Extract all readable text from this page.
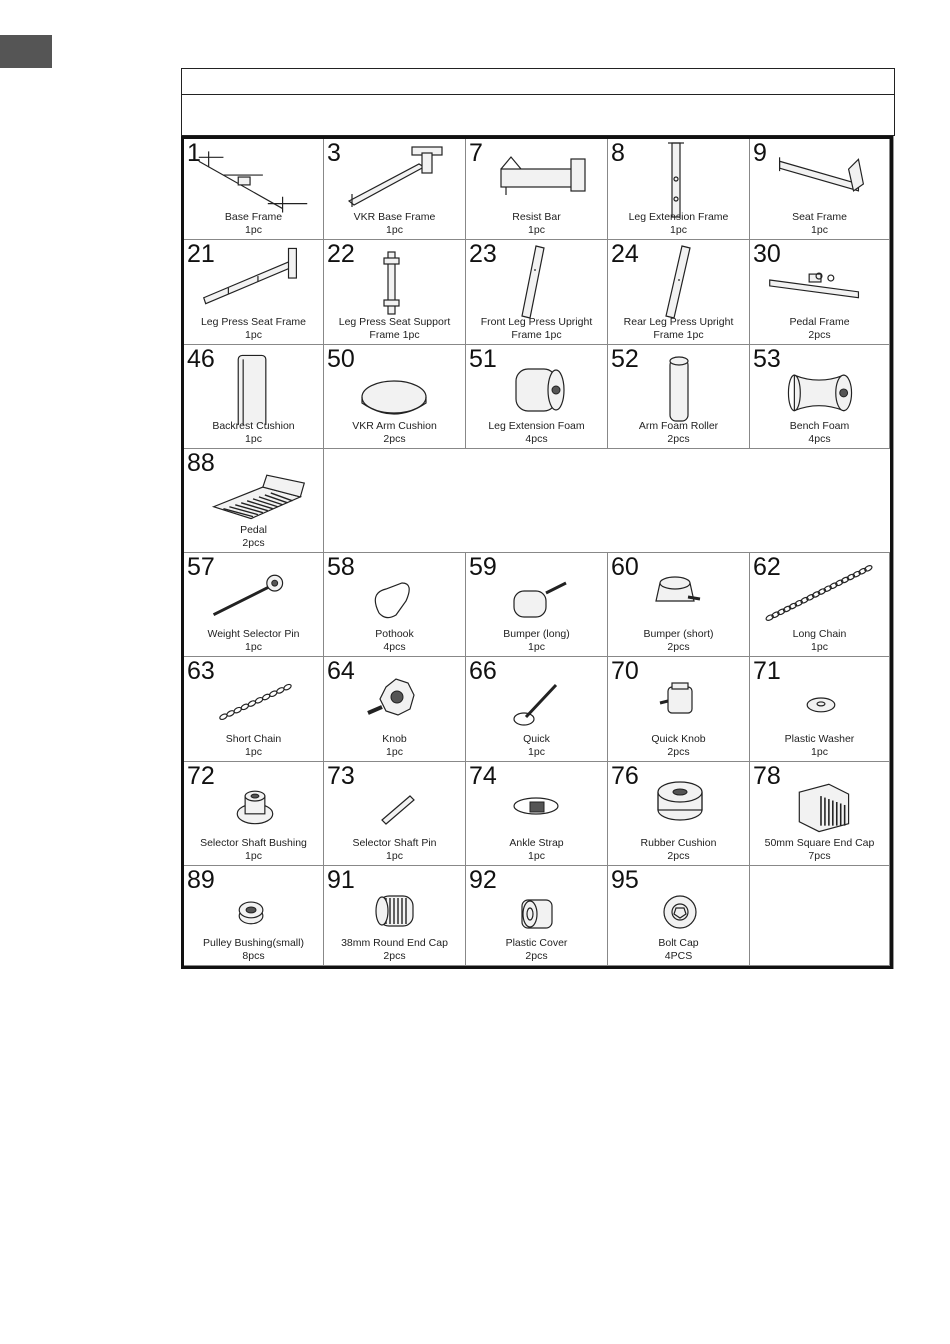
1
Base Frame
1pc
3
VKR Base Frame
1pc
7
Resist Bar
1pc
8
Leg Extension Frame
1pc
9
Seat Frame
1pc
21
Leg Press Seat Frame
1pc
22
Leg Press Seat Support
Frame 1pc
23
Front Leg Press Upright
Frame 1pc
24
Rear Leg Press Upright
Frame 1pc
30
Pedal Frame
2pcs
46
Backrest Cushion
1pc
50
VKR Arm Cushion
2pcs
51
Leg Extension Foam
4pcs
52
Arm Foam Roller
2pcs
53
Bench Foam
4pcs
88
Pedal
2pcs
57
Weight Selector Pin
1pc
58
Pothook
4pcs
59
Bumper (long)
1pc
60
Bumper (short)
2pcs
62
Long Chain
1pc
63
Short Chain
1pc
64
Knob
1pc
66
Quick
1pc
70
Quick Knob
2pcs
71
Plastic Washer
1pc
72
Selector Shaft Bushing
1pc
73
Selector Shaft Pin
1pc
74
Ankle Strap
1pc
76
Rubber Cushion
2pcs
78
50mm Square End Cap
7pcs
89
Pulley Bushing(small)
8pcs
91
38mm Round End Cap
2pcs
92
Plastic Cover
2pcs
95
Bolt Cap
4PCS
